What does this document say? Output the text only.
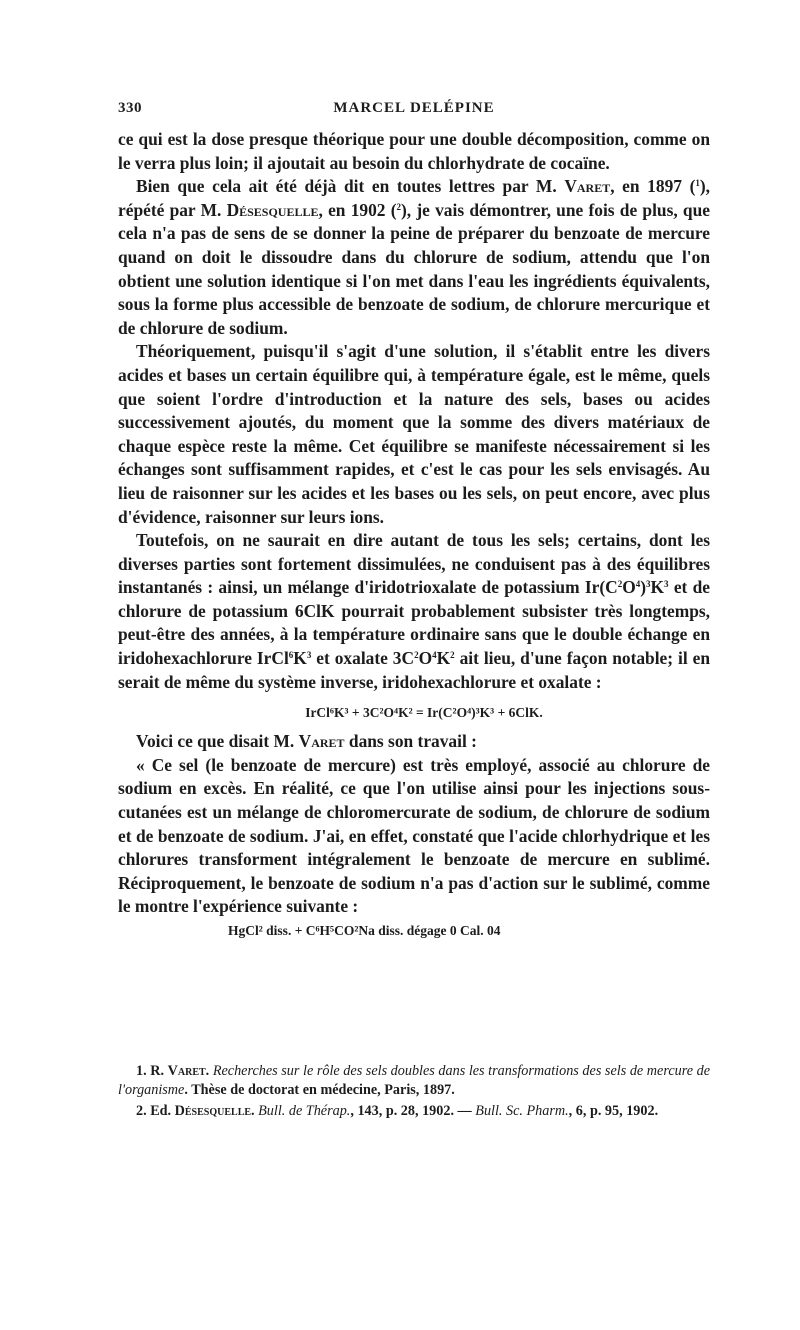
330	MARCEL DELÉPINE

ce qui est la dose presque théorique pour une double décomposition, comme on le verra plus loin; il ajoutait au besoin du chlorhydrate de cocaïne.

Bien que cela ait été déjà dit en toutes lettres par M. Varet, en 1897 ($^1$), répété par M. Désesquelle, en 1902 ($^2$), je vais démontrer, une fois de plus, que cela n'a pas de sens de se donner la peine de préparer du benzoate de mercure quand on doit le dissoudre dans du chlorure de sodium, attendu que l'on obtient une solution identique si l'on met dans l'eau les ingrédients équivalents, sous la forme plus accessible de benzoate de sodium, de chlorure mercurique et de chlorure de sodium.

Théoriquement, puisqu'il s'agit d'une solution, il s'établit entre les divers acides et bases un certain équilibre qui, à température égale, est le même, quels que soient l'ordre d'introduction et la nature des sels, bases ou acides successivement ajoutés, du moment que la somme des divers matériaux de chaque espèce reste la même. Cet équilibre se manifeste nécessairement si les échanges sont suffisamment rapides, et c'est le cas pour les sels envisagés. Au lieu de raisonner sur les acides et les bases ou les sels, on peut encore, avec plus d'évidence, raisonner sur leurs ions.

Toutefois, on ne saurait en dire autant de tous les sels; certains, dont les diverses parties sont fortement dissimulées, ne conduisent pas à des équilibres instantanés : ainsi, un mélange d'iridotrioxalate de potassium $Ir(C^2O^4)^3K^3$ et de chlorure de potassium 6ClK pourrait probablement subsister très longtemps, peut-être des années, à la température ordinaire sans que le double échange en iridohexachlorure $IrCl^6K^3$ et oxalate $3C^2O^4K^2$ ait lieu, d'une façon notable; il en serait de même du système inverse, iridohexachlorure et oxalate :

IrCl⁶K³ + 3C²O⁴K² = Ir(C²O⁴)³K³ + 6ClK.

Voici ce que disait M. Varet dans son travail :

« Ce sel (le benzoate de mercure) est très employé, associé au chlorure de sodium en excès. En réalité, ce que l'on utilise ainsi pour les injections sous-cutanées est un mélange de chloromercurate de sodium, de chlorure de sodium et de benzoate de sodium. J'ai, en effet, constaté que l'acide chlorhydrique et les chlorures transforment intégralement le benzoate de mercure en sublimé. Réciproquement, le benzoate de sodium n'a pas d'action sur le sublimé, comme le montre l'expérience suivante :

HgCl² diss. + C⁶H⁵CO²Na diss. dégage 0 Cal. 04

1. R. Varet. Recherches sur le rôle des sels doubles dans les transformations des sels de mercure de l'organisme. Thèse de doctorat en médecine, Paris, 1897.

2. Ed. Désesquelle. Bull. de Thérap., 143, p. 28, 1902. — Bull. Sc. Pharm., 6, p. 95, 1902.
